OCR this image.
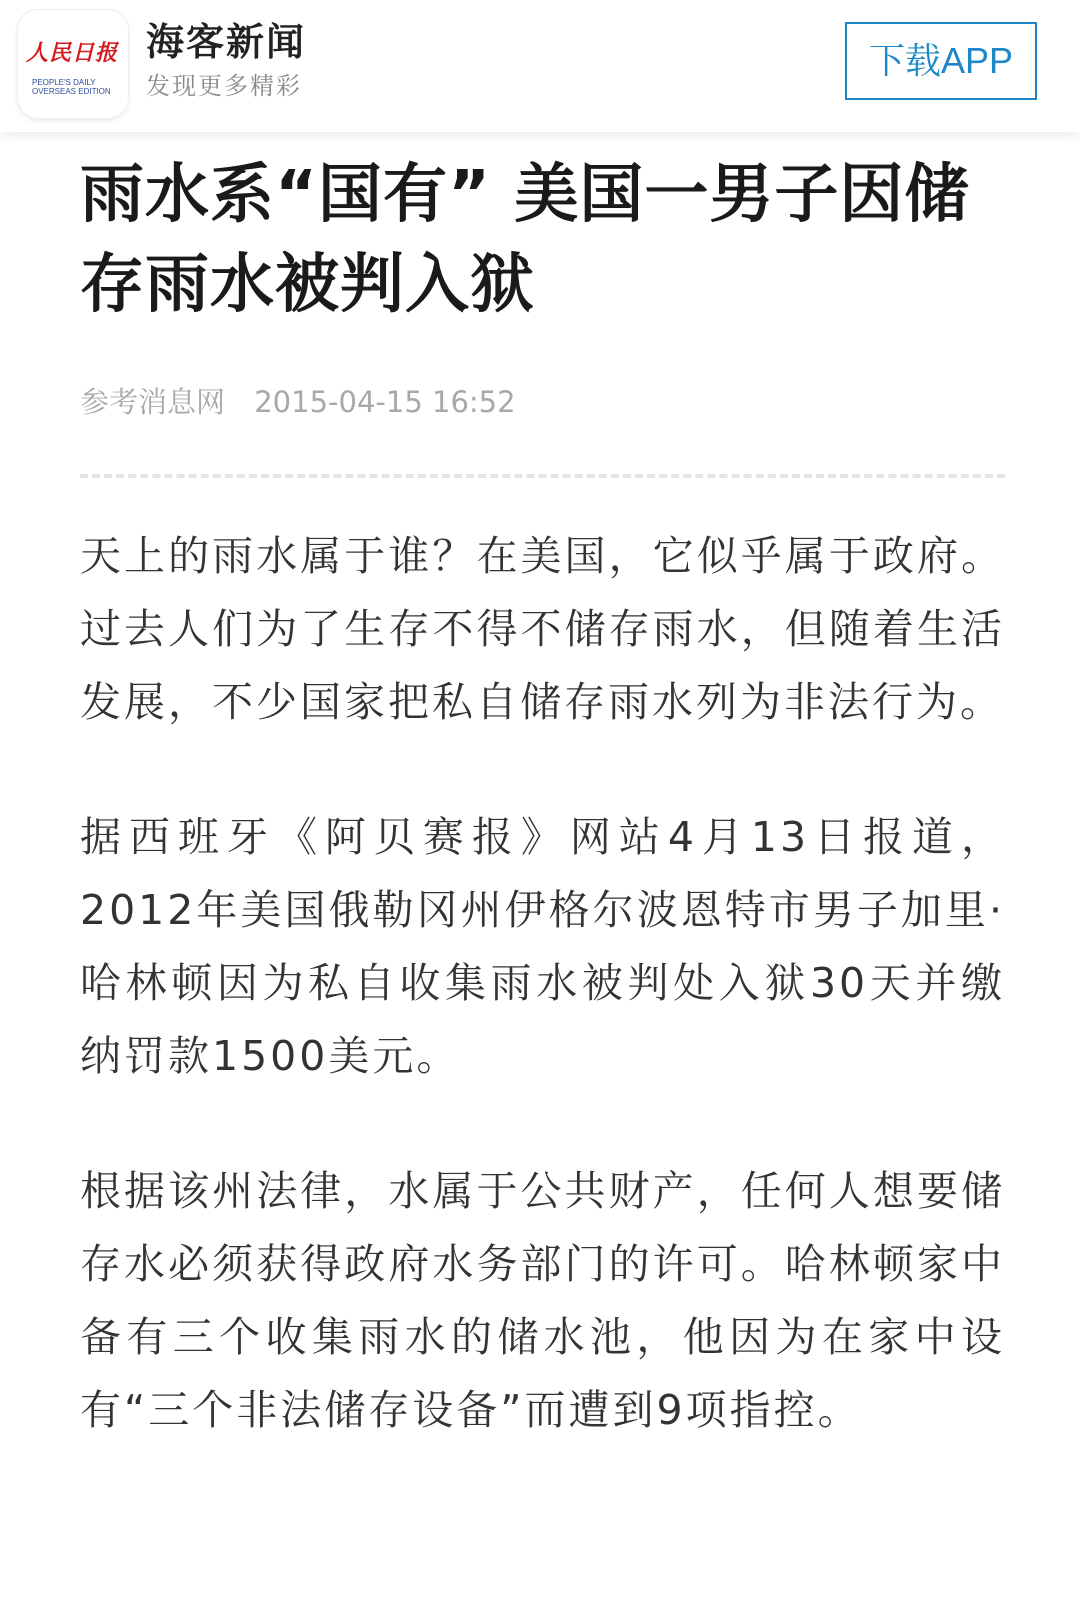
人民日报
PEOPLE'S DAILY OVERSEAS EDITION
海客新闻
发现更多精彩
下载APP
雨水系“国有” 美国一男子因储存雨水被判入狱
参考消息网 2015-04-15 16:52

天上的雨水属于谁？在美国，它似乎属于政府。过去人们为了生存不得不储存雨水，但随着生活发展，不少国家把私自储存雨水列为非法行为。

据西班牙《阿贝赛报》网站4月13日报道，2012年美国俄勒冈州伊格尔波恩特市男子加里·哈林顿因为私自收集雨水被判处入狱30天并缴纳罚款1500美元。

根据该州法律，水属于公共财产，任何人想要储存水必须获得政府水务部门的许可。哈林顿家中备有三个收集雨水的储水池，他因为在家中设有“三个非法储存设备”而遭到9项指控。
